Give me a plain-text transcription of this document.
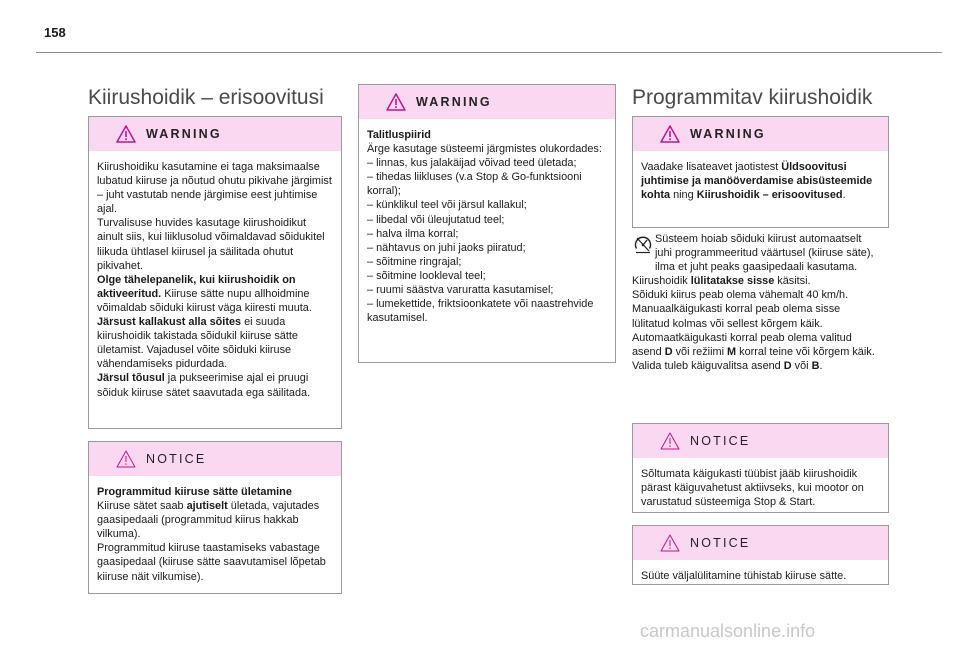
158
Kiirushoidik – erisoovitusi
WARNING

Kiirushoidiku kasutamine ei taga maksimaalse lubatud kiiruse ja nõutud ohutu pikivahe järgimist – juht vastutab nende järgimise eest juhtimise ajal.

Turvalisuse huvides kasutage kiirushoidikut ainult siis, kui liiklusolud võimaldavad sõidukitel liikuda ühtlasel kiirusel ja säilitada ohutut pikivahet.

Olge tähelepanelik, kui kiirushoidik on aktiveeritud. Kiiruse sätte nupu allhoidmine võimaldab sõiduki kiirust väga kiiresti muuta.

Järsust kallakust alla sõites ei suuda kiirushoidik takistada sõidukil kiiruse sätte ületamist. Vajadusel võite sõiduki kiiruse vähendamiseks pidurdada.

Järsul tõusul ja pukseerimise ajal ei pruugi sõiduk kiiruse sätet saavutada ega säilitada.

NOTICE

Programmitud kiiruse sätte ületamine

Kiiruse sätet saab ajutiselt ületada, vajutades gaasipedaali (programmitud kiirus hakkab vilkuma).

Programmitud kiiruse taastamiseks vabastage gaasipedaal (kiiruse sätte saavutamisel lõpetab kiiruse näit vilkumise).

WARNING

Talitluspiirid

Ärge kasutage süsteemi järgmistes olukordades:

– linnas, kus jalakäijad võivad teed ületada;

– tihedas liikluses (v.a Stop & Go-funktsiooni korral);

– künklikul teel või järsul kallakul;

– libedal või üleujutatud teel;

– halva ilma korral;

– nähtavus on juhi jaoks piiratud;

– sõitmine ringrajal;

– sõitmine lookleval teel;

– ruumi säästva varuratta kasutamisel;

– lumekettide, friktsioonkatete või naastrehvide kasutamisel.

Programmitav kiirushoidik
WARNING

Vaadake lisateavet jaotistest Üldsoovitusi juhtimise ja manööverdamise abisüsteemide kohta ning Kiirushoidik – erisoovitused.

Süsteem hoiab sõiduki kiirust automaatselt juhi programmeeritud väärtusel (kiiruse säte), ilma et juht peaks gaasipedaali kasutama.

Kiirushoidik lülitatakse sisse käsitsi.

Sõiduki kiirus peab olema vähemalt 40 km/h.

Manuaalkäigukasti korral peab olema sisse lülitatud kolmas või sellest kõrgem käik.

Automaatkäigukasti korral peab olema valitud asend D või režiimi M korral teine või kõrgem käik.

Valida tuleb käiguvalitsa asend D või B.

NOTICE

Sõltumata käigukasti tüübist jääb kiirushoidik pärast käiguvahetust aktiivseks, kui mootor on varustatud süsteemiga Stop & Start.

NOTICE

Süüte väljalülitamine tühistab kiiruse sätte.

carmanualsonline.info
